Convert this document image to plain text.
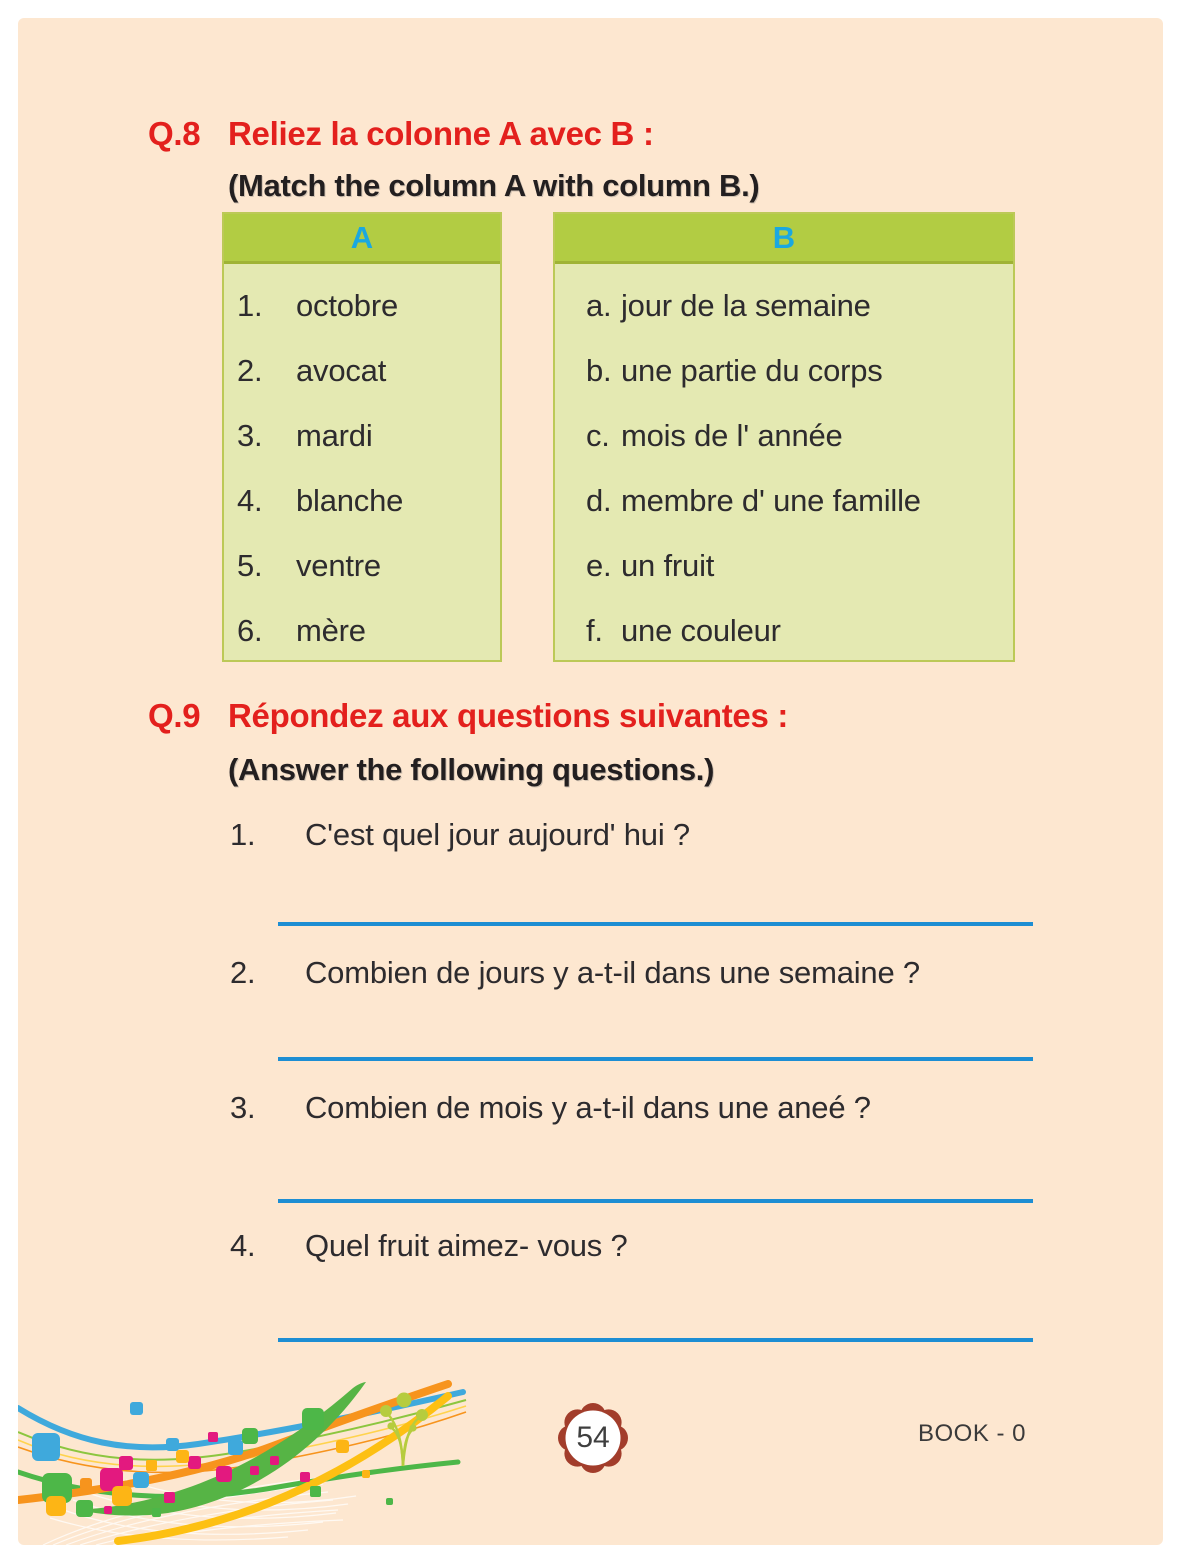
Q.8 Reliez la colonne A avec B :
(Match the column A with column B.)
A
1.	octobre
2.	avocat
3.	mardi
4.	blanche
5.	ventre
6.	mère
B
a. jour de la semaine
b. une partie du corps
c. mois de l' année
d. membre d' une famille
e. un fruit
f. une couleur
Q.9 Répondez aux questions suivantes :
(Answer the following questions.)
1.	C'est quel jour aujourd' hui ?
2.	Combien de jours y a-t-il dans une semaine ?
3.	Combien de mois y a-t-il dans une aneé ?
4.	Quel fruit aimez- vous ?
54	BOOK - 0
